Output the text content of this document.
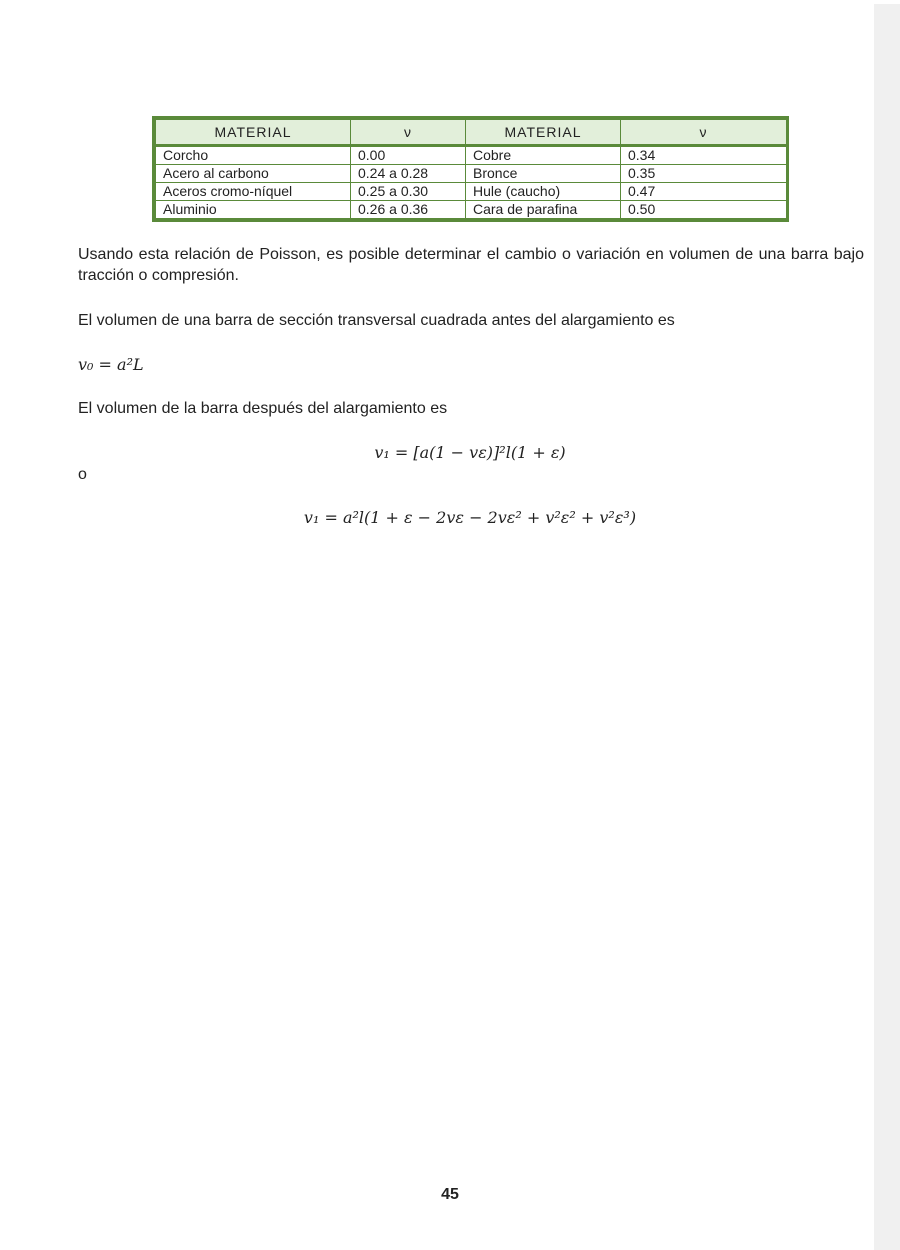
MATERIAL	ν	MATERIAL	ν
Corcho	0.00	Cobre	0.34
Acero al carbono	0.24 a 0.28	Bronce	0.35
Aceros cromo-níquel	0.25 a 0.30	Hule (caucho)	0.47
Aluminio	0.26 a 0.36	Cara de parafina	0.50

Usando esta relación de Poisson, es posible determinar el cambio o variación en volumen de una barra bajo tracción o compresión.

El volumen de una barra de sección transversal cuadrada antes del alargamiento es

𝑣₀ = 𝑎²𝐿

El volumen de la barra después del alargamiento es

𝑣₁ = [𝑎(1 − 𝑣𝜀)]²𝑙(1 + 𝜀)

o

𝑣₁ = 𝑎²𝑙(1 + 𝜀 − 2𝑣𝜀 − 2𝑣𝜀² + 𝑣²𝜀² + 𝑣²𝜀³)
45
